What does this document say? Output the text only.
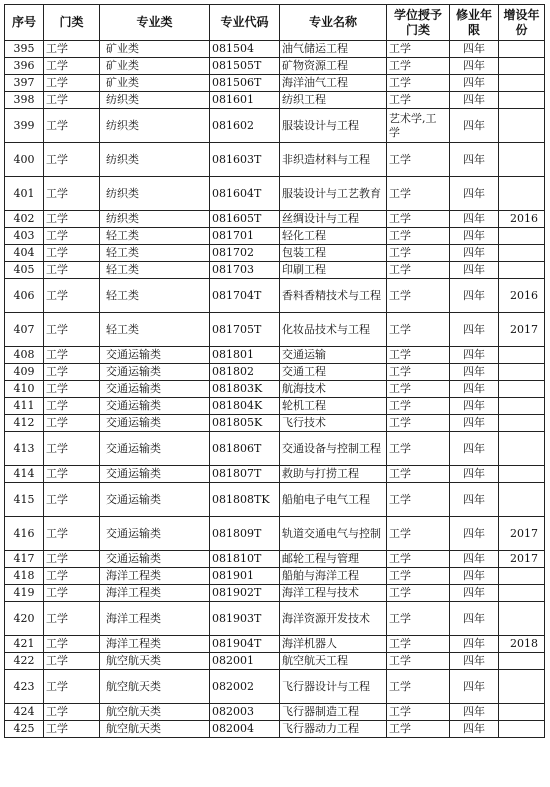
序号	门类	专业类	专业代码	专业名称	学位授予门类	修业年限	增设年份
395	工学	矿业类	081504	油气储运工程	工学	四年	
396	工学	矿业类	081505T	矿物资源工程	工学	四年	
397	工学	矿业类	081506T	海洋油气工程	工学	四年	
398	工学	纺织类	081601	纺织工程	工学	四年	
399	工学	纺织类	081602	服装设计与工程	艺术学,工学	四年	
400	工学	纺织类	081603T	非织造材料与工程	工学	四年	
401	工学	纺织类	081604T	服装设计与工艺教育	工学	四年	
402	工学	纺织类	081605T	丝绸设计与工程	工学	四年	2016
403	工学	轻工类	081701	轻化工程	工学	四年	
404	工学	轻工类	081702	包装工程	工学	四年	
405	工学	轻工类	081703	印刷工程	工学	四年	
406	工学	轻工类	081704T	香料香精技术与工程	工学	四年	2016
407	工学	轻工类	081705T	化妆品技术与工程	工学	四年	2017
408	工学	交通运输类	081801	交通运输	工学	四年	
409	工学	交通运输类	081802	交通工程	工学	四年	
410	工学	交通运输类	081803K	航海技术	工学	四年	
411	工学	交通运输类	081804K	轮机工程	工学	四年	
412	工学	交通运输类	081805K	飞行技术	工学	四年	
413	工学	交通运输类	081806T	交通设备与控制工程	工学	四年	
414	工学	交通运输类	081807T	救助与打捞工程	工学	四年	
415	工学	交通运输类	081808TK	船舶电子电气工程	工学	四年	
416	工学	交通运输类	081809T	轨道交通电气与控制	工学	四年	2017
417	工学	交通运输类	081810T	邮轮工程与管理	工学	四年	2017
418	工学	海洋工程类	081901	船舶与海洋工程	工学	四年	
419	工学	海洋工程类	081902T	海洋工程与技术	工学	四年	
420	工学	海洋工程类	081903T	海洋资源开发技术	工学	四年	
421	工学	海洋工程类	081904T	海洋机器人	工学	四年	2018
422	工学	航空航天类	082001	航空航天工程	工学	四年	
423	工学	航空航天类	082002	飞行器设计与工程	工学	四年	
424	工学	航空航天类	082003	飞行器制造工程	工学	四年	
425	工学	航空航天类	082004	飞行器动力工程	工学	四年	
